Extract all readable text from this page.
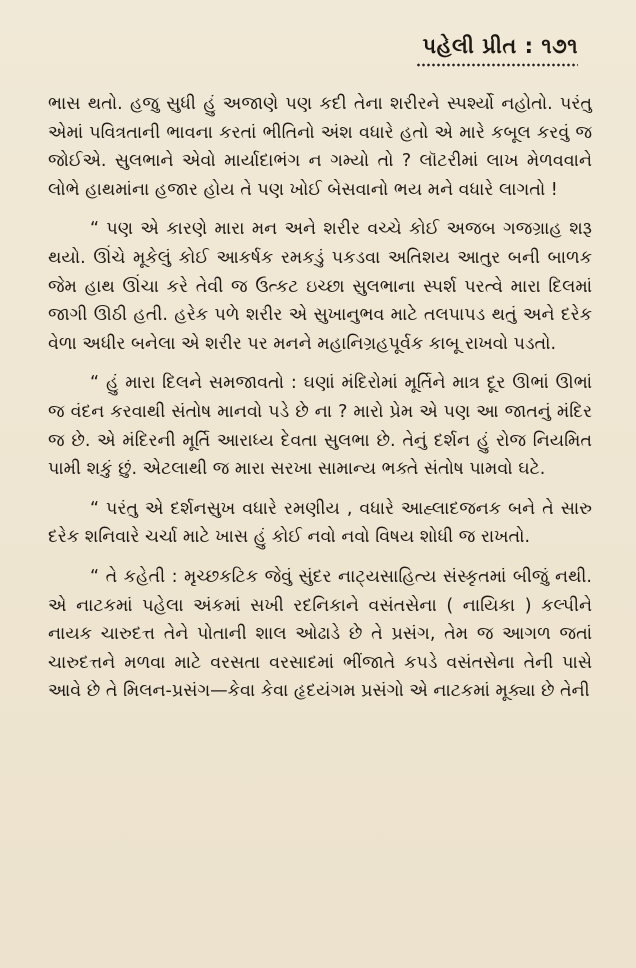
પહેલી પ્રીત : ૧૭૧

ભાસ થતો. હજુ સુધી હું અજાણે પણ કદી તેના શરીરને સ્પર્શ્યો નહોતો. પરંતુ એમાં પવિત્રતાની ભાવના કરતાં ભીતિનો અંશ વધારે હતો એ મારે કબૂલ કરવું જ જોઈએ. સુલભાને એવો માર્યાદાભંગ ન ગમ્યો તો ? લૉટરીમાં લાખ મેળવવાને લોભે હાથમાંના હજાર હોય તે પણ ખોઈ બેસવાનો ભય મને વધારે લાગતો !

“ પણ એ કારણે મારા મન અને શરીર વચ્ચે કોઈ અજબ ગજગ્રાહ શરૂ થયો. ઊંચે મૂકેલું કોઈ આકર્ષક રમકડું પકડવા અતિશય આતુર બની બાળક જેમ હાથ ઊંચા કરે તેવી જ ઉત્કટ ઇચ્છા સુલભાના સ્પર્શ પરત્વે મારા દિલમાં જાગી ઊઠી હતી. હરેક પળે શરીર એ સુખાનુભવ માટે તલપાપડ થતું અને દરેક વેળા અધીર બનેલા એ શરીર પર મનને મહાનિગ્રહપૂર્વક કાબૂ રાખવો પડતો.

“ હું મારા દિલને સમજાવતો : ઘણાં મંદિરોમાં મૂર્તિને માત્ર દૂર ઊભાં ઊભાં જ વંદન કરવાથી સંતોષ માનવો પડે છે ના ? મારો પ્રેમ એ પણ આ જાતનું મંદિર જ છે. એ મંદિરની મૂર્તિ આરાધ્ય દેવતા સુલભા છે. તેનું દર્શન હું રોજ નિયમિત પામી શકું છું. એટલાથી જ મારા સરખા સામાન્ય ભક્તે સંતોષ પામવો ઘટે.

“ પરંતુ એ દર્શનસુખ વધારે રમણીય , વધારે આહ્લાદજનક બને તે સારુ દરેક શનિવારે ચર્ચા માટે ખાસ હું કોઈ નવો નવો વિષય શોધી જ રાખતો.

“ તે કહેતી : મૃચ્છકટિક જેવું સુંદર નાટ્યસાહિત્ય સંસ્કૃતમાં બીજું નથી. એ નાટકમાં પહેલા અંકમાં સખી રદનિકાને વસંતસેના ( નાયિકા ) કલ્પીને નાયક ચારુદત્ત તેને પોતાની શાલ ઓઢાડે છે તે પ્રસંગ, તેમ જ આગળ જતાં ચારુદત્તને મળવા માટે વરસતા વરસાદમાં ભીંજાતે કપડે વસંતસેના તેની પાસે આવે છે તે મિલન-પ્રસંગ—કેવા કેવા હૃદયંગમ પ્રસંગો એ નાટકમાં મૂક્યા છે તેની
